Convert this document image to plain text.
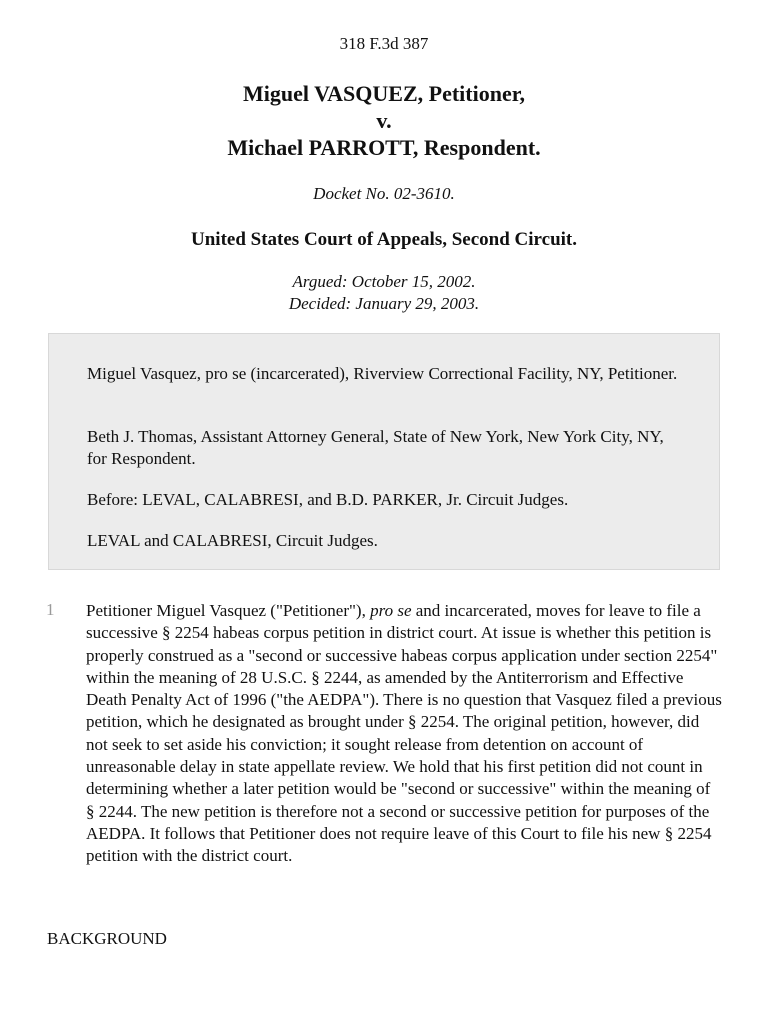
318 F.3d 387
Miguel VASQUEZ, Petitioner,
v.
Michael PARROTT, Respondent.
Docket No. 02-3610.
United States Court of Appeals, Second Circuit.
Argued: October 15, 2002.
Decided: January 29, 2003.

Miguel Vasquez, pro se (incarcerated), Riverview Correctional Facility, NY, Petitioner.

Beth J. Thomas, Assistant Attorney General, State of New York, New York City, NY, for Respondent.

Before: LEVAL, CALABRESI, and B.D. PARKER, Jr. Circuit Judges.

LEVAL and CALABRESI, Circuit Judges.

1 Petitioner Miguel Vasquez ("Petitioner"), pro se and incarcerated, moves for leave to file a successive § 2254 habeas corpus petition in district court. At issue is whether this petition is properly construed as a "second or successive habeas corpus application under section 2254" within the meaning of 28 U.S.C. § 2244, as amended by the Antiterrorism and Effective Death Penalty Act of 1996 ("the AEDPA"). There is no question that Vasquez filed a previous petition, which he designated as brought under § 2254. The original petition, however, did not seek to set aside his conviction; it sought release from detention on account of unreasonable delay in state appellate review. We hold that his first petition did not count in determining whether a later petition would be "second or successive" within the meaning of § 2244. The new petition is therefore not a second or successive petition for purposes of the AEDPA. It follows that Petitioner does not require leave of this Court to file his new § 2254 petition with the district court.

BACKGROUND
